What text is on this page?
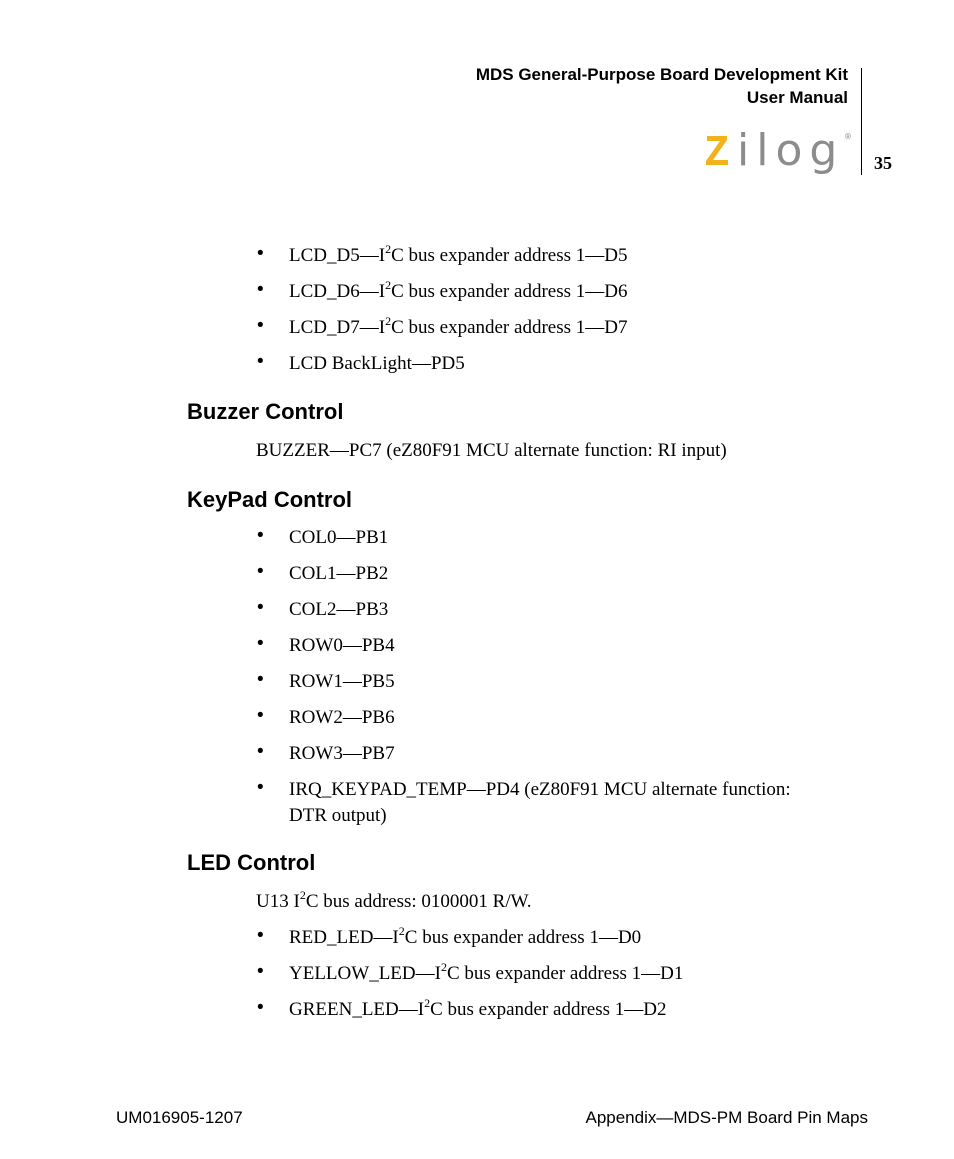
MDS General-Purpose Board Development Kit
User Manual
ilog ®
35
• $LCD\_D5—I^2C$ bus expander address 1—D5
• $LCD\_D6—I^2C$ bus expander address 1—D6
• $LCD\_D7—I^2C$ bus expander address 1—D7
• LCD BackLight—PD5
Buzzer Control
BUZZER—PC7 (eZ80F91 MCU alternate function: RI input)
KeyPad Control
• COL0—PB1
• COL1—PB2
• COL2—PB3
• ROW0—PB4
• ROW1—PB5
• ROW2—PB6
• ROW3—PB7
• IRQ_KEYPAD_TEMP—PD4 (eZ80F91 MCU alternate function:
DTR output)
LED Control
U13 $I^2C$ bus address: 0100001 R/W.
• $RED\_LED—I^2C$ bus expander address 1—D0
• $YELLOW\_LED—I^2C$ bus expander address 1—D1
• $GREEN\_LED—I^2C$ bus expander address 1—D2
UM016905-1207	Appendix—MDS-PM Board Pin Maps
